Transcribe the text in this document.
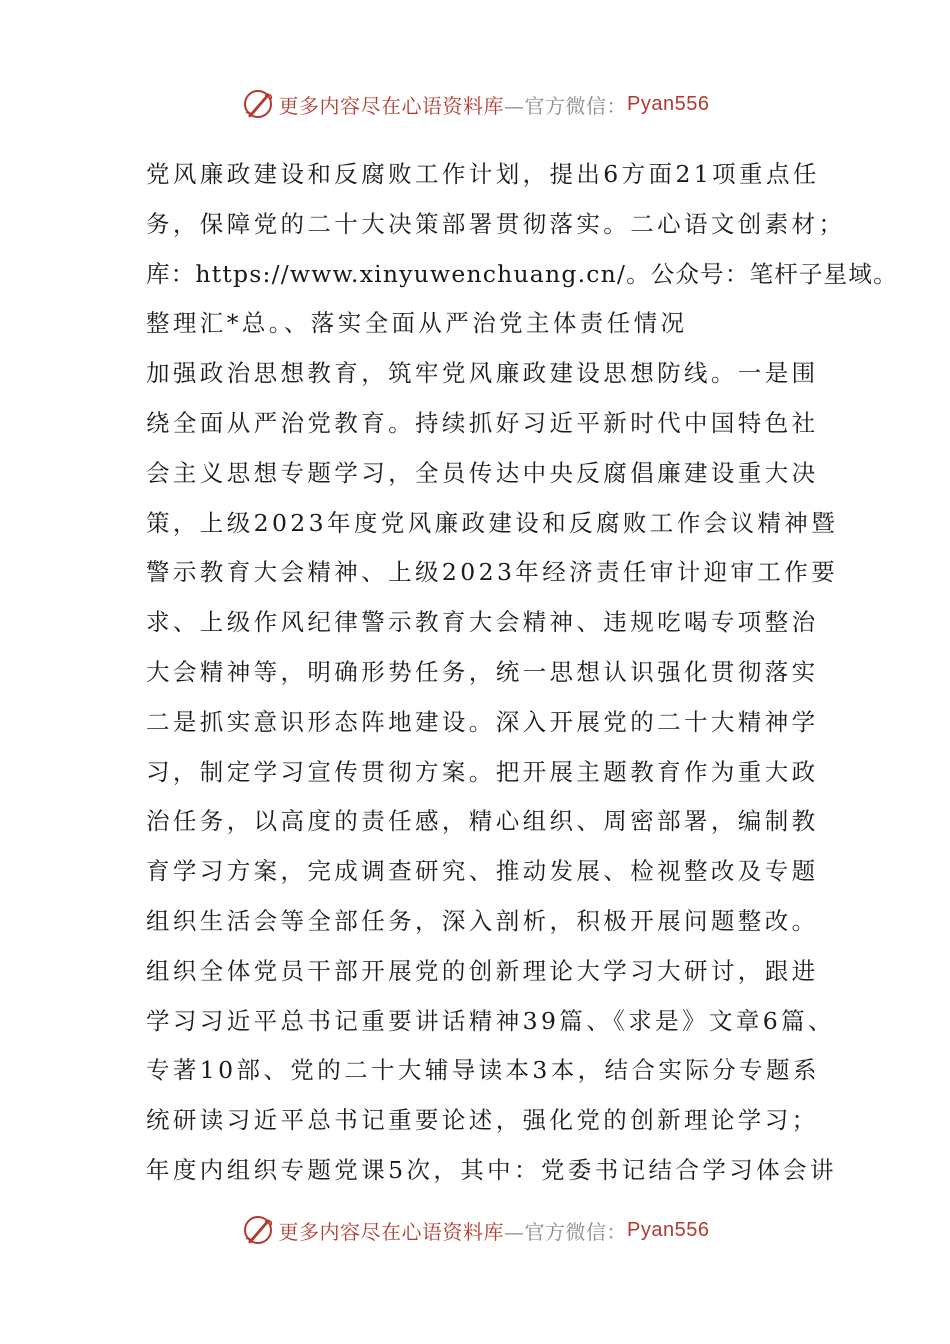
更多内容尽在心语资料库 —官方微信： Pyan556
党风廉政建设和反腐败工作计划，提出6方面21项重点任
务，保障党的二十大决策部署贯彻落实。二心语文创素材；
库：https://www.xinyuwenchuang.cn/。公众号：笔杆子星域。
整理汇*总。、落实全面从严治党主体责任情况
加强政治思想教育，筑牢党风廉政建设思想防线。一是围
绕全面从严治党教育。持续抓好习近平新时代中国特色社
会主义思想专题学习，全员传达中央反腐倡廉建设重大决
策，上级2023年度党风廉政建设和反腐败工作会议精神暨
警示教育大会精神、上级2023年经济责任审计迎审工作要
求、上级作风纪律警示教育大会精神、违规吃喝专项整治
大会精神等，明确形势任务，统一思想认识强化贯彻落实
二是抓实意识形态阵地建设。深入开展党的二十大精神学
习，制定学习宣传贯彻方案。把开展主题教育作为重大政
治任务，以高度的责任感，精心组织、周密部署，编制教
育学习方案，完成调查研究、推动发展、检视整改及专题
组织生活会等全部任务，深入剖析，积极开展问题整改。
组织全体党员干部开展党的创新理论大学习大研讨，跟进
学习习近平总书记重要讲话精神39篇、《求是》文章6篇、
专著10部、党的二十大辅导读本3本，结合实际分专题系
统研读习近平总书记重要论述，强化党的创新理论学习；
年度内组织专题党课5次，其中：党委书记结合学习体会讲
更多内容尽在心语资料库 —官方微信： Pyan556
